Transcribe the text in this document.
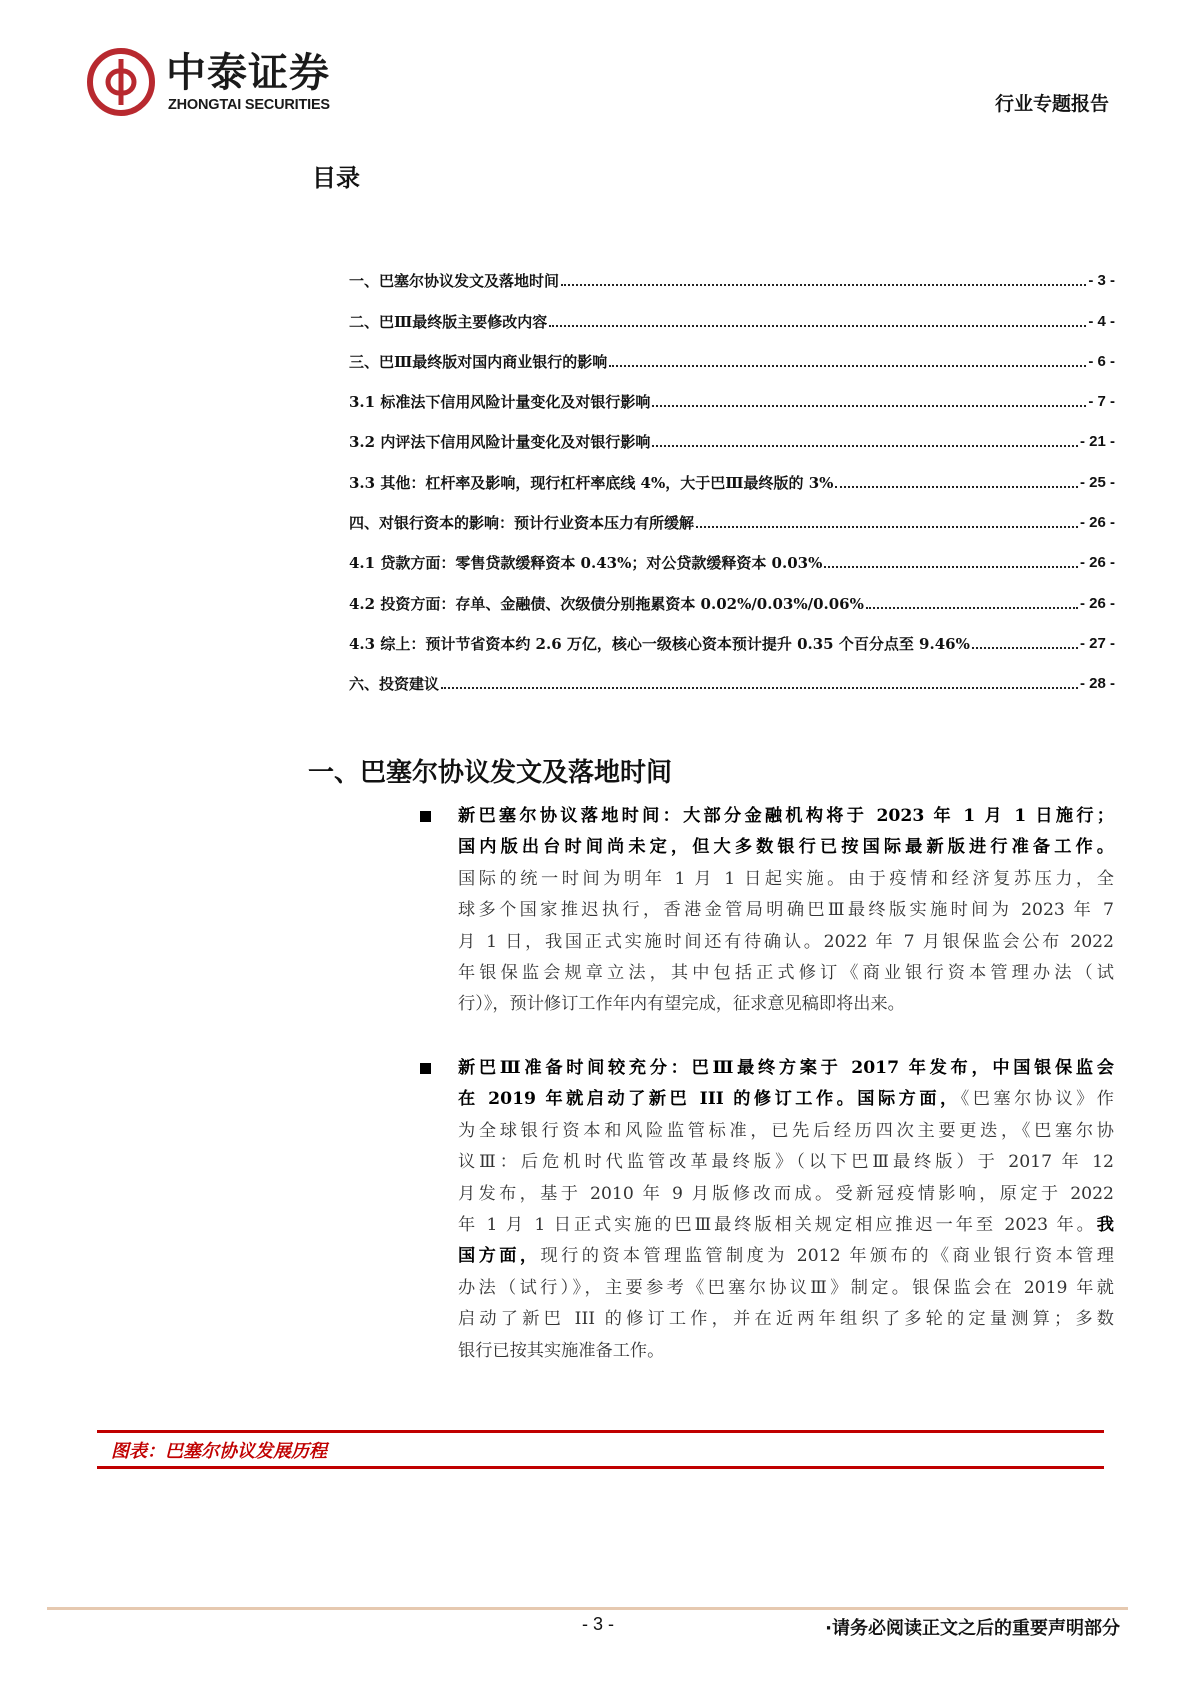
中泰证券
ZHONGTAI SECURITIES	行业专题报告
目录
一、巴塞尔协议发文及落地时间	- 3 -
二、巴Ⅲ最终版主要修改内容	- 4 -
三、巴Ⅲ最终版对国内商业银行的影响	- 6 -
3.1 标准法下信用风险计量变化及对银行影响	- 7 -
3.2 内评法下信用风险计量变化及对银行影响	- 21 -
3.3 其他：杠杆率及影响，现行杠杆率底线 4%，大于巴Ⅲ最终版的 3%	- 25 -
四、对银行资本的影响：预计行业资本压力有所缓解	- 26 -
4.1 贷款方面：零售贷款缓释资本 0.43%；对公贷款缓释资本 0.03%	- 26 -
4.2 投资方面：存单、金融债、次级债分别拖累资本 0.02%/0.03%/0.06%	- 26 -
4.3 综上：预计节省资本约 2.6 万亿，核心一级核心资本预计提升 0.35 个百分点至 9.46%	- 27 -
六、投资建议	- 28 -
一、巴塞尔协议发文及落地时间
新巴塞尔协议落地时间：大部分金融机构将于 2023 年 1 月 1 日施行；
国内版出台时间尚未定，但大多数银行已按国际最新版进行准备工作。
国际的统一时间为明年 1 月 1 日起实施。由于疫情和经济复苏压力，全
球多个国家推迟执行，香港金管局明确巴Ⅲ最终版实施时间为 2023 年 7
月 1 日，我国正式实施时间还有待确认。2022 年 7 月银保监会公布 2022
年银保监会规章立法，其中包括正式修订《商业银行资本管理办法（试
行）》，预计修订工作年内有望完成，征求意见稿即将出来。
新巴Ⅲ准备时间较充分：巴Ⅲ最终方案于 2017 年发布，中国银保监会
在 2019 年就启动了新巴 III 的修订工作。国际方面，《巴塞尔协议》作
为全球银行资本和风险监管标准，已先后经历四次主要更迭，《巴塞尔协
议Ⅲ：后危机时代监管改革最终版》（以下巴Ⅲ最终版）于 2017 年 12
月发布，基于 2010 年 9 月版修改而成。受新冠疫情影响，原定于 2022
年 1 月 1 日正式实施的巴Ⅲ最终版相关规定相应推迟一年至 2023 年。我
国方面，现行的资本管理监管制度为 2012 年颁布的《商业银行资本管理
办法（试行）》，主要参考《巴塞尔协议Ⅲ》制定。银保监会在 2019 年就
启动了新巴 III 的修订工作，并在近两年组织了多轮的定量测算；多数
银行已按其实施准备工作。
图表：巴塞尔协议发展历程
- 3 -	·请务必阅读正文之后的重要声明部分
